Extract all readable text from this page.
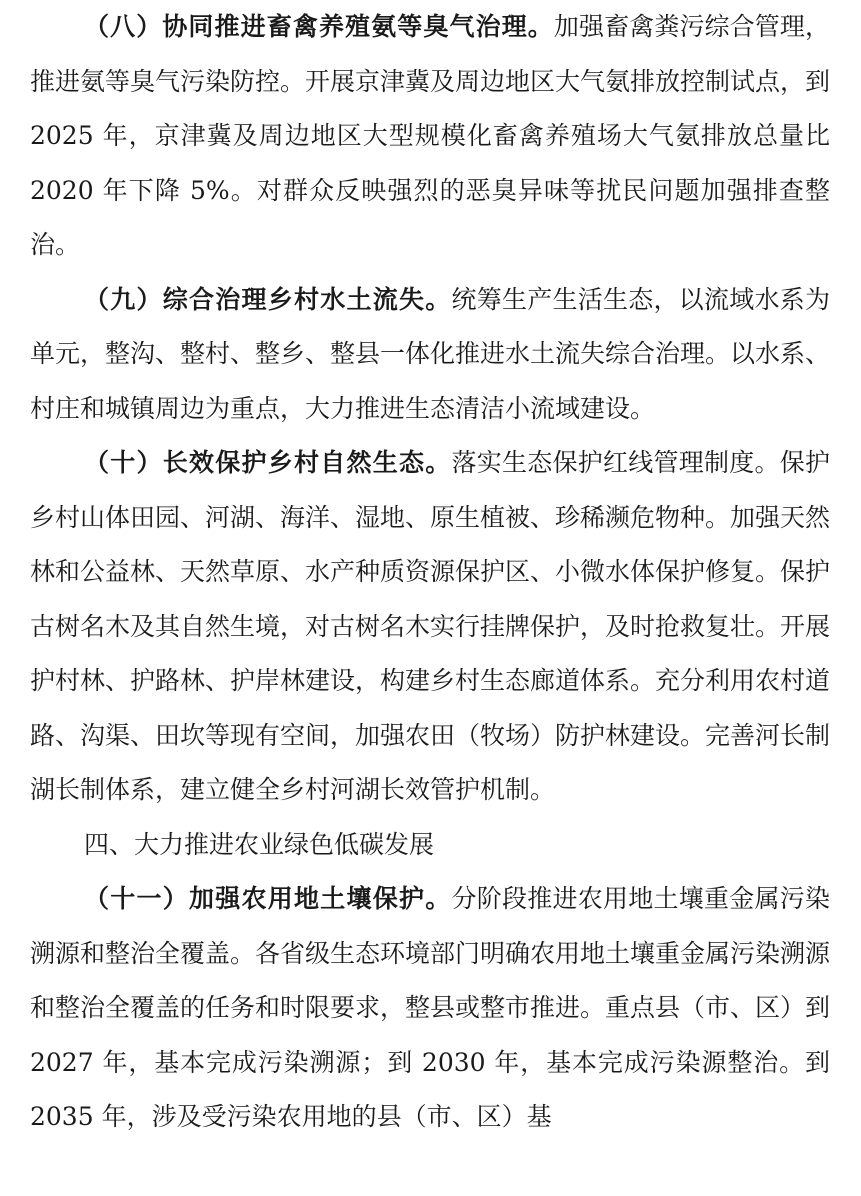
（八）协同推进畜禽养殖氨等臭气治理。加强畜禽粪污综合管理，推进氨等臭气污染防控。开展京津冀及周边地区大气氨排放控制试点，到 2025 年，京津冀及周边地区大型规模化畜禽养殖场大气氨排放总量比 2020 年下降 5%。对群众反映强烈的恶臭异味等扰民问题加强排查整治。

（九）综合治理乡村水土流失。统筹生产生活生态，以流域水系为单元，整沟、整村、整乡、整县一体化推进水土流失综合治理。以水系、村庄和城镇周边为重点，大力推进生态清洁小流域建设。

（十）长效保护乡村自然生态。落实生态保护红线管理制度。保护乡村山体田园、河湖、海洋、湿地、原生植被、珍稀濒危物种。加强天然林和公益林、天然草原、水产种质资源保护区、小微水体保护修复。保护古树名木及其自然生境，对古树名木实行挂牌保护，及时抢救复壮。开展护村林、护路林、护岸林建设，构建乡村生态廊道体系。充分利用农村道路、沟渠、田坎等现有空间，加强农田（牧场）防护林建设。完善河长制湖长制体系，建立健全乡村河湖长效管护机制。

四、大力推进农业绿色低碳发展

（十一）加强农用地土壤保护。分阶段推进农用地土壤重金属污染溯源和整治全覆盖。各省级生态环境部门明确农用地土壤重金属污染溯源和整治全覆盖的任务和时限要求，整县或整市推进。重点县（市、区）到 2027 年，基本完成污染溯源；到 2030 年，基本完成污染源整治。到 2035 年，涉及受污染农用地的县（市、区）基
